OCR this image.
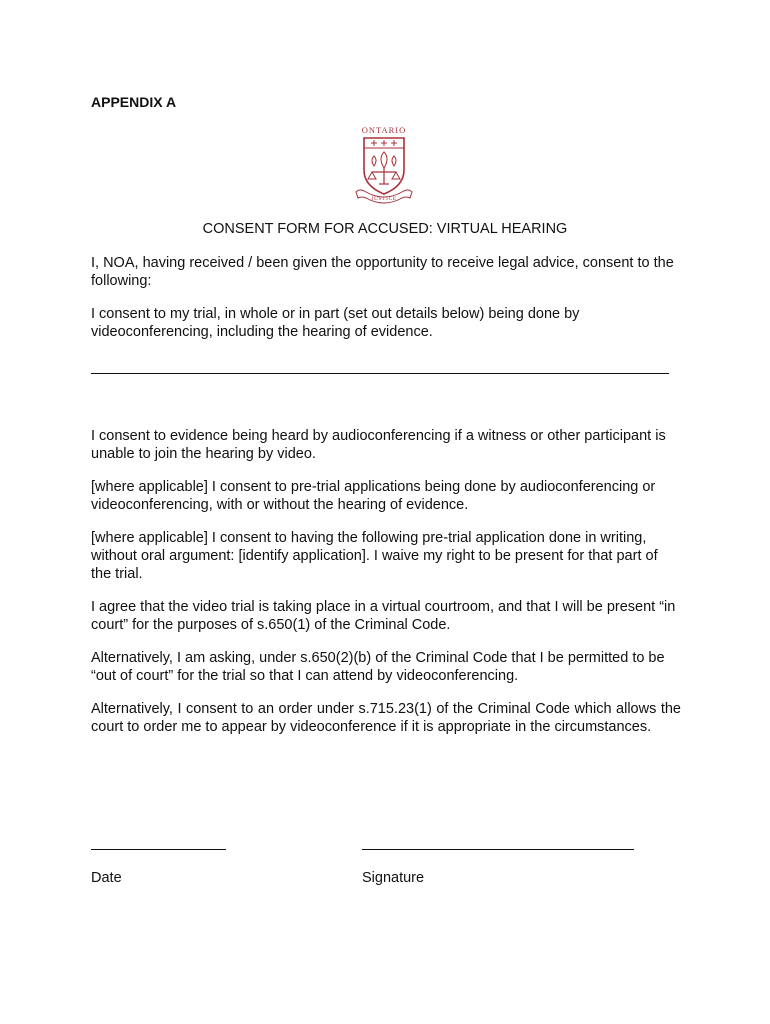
APPENDIX A
ONTARIO
JUSTICE
CONSENT FORM FOR ACCUSED: VIRTUAL HEARING
I, NOA, having received / been given the opportunity to receive legal advice, consent to the following:
I consent to my trial, in whole or in part (set out details below) being done by videoconferencing, including the hearing of evidence.
I consent to evidence being heard by audioconferencing if a witness or other participant is unable to join the hearing by video.
[where applicable] I consent to pre-trial applications being done by audioconferencing or videoconferencing, with or without the hearing of evidence.
[where applicable] I consent to having the following pre-trial application done in writing, without oral argument: [identify application]. I waive my right to be present for that part of the trial.
I agree that the video trial is taking place in a virtual courtroom, and that I will be present “in court” for the purposes of s.650(1) of the Criminal Code.
Alternatively, I am asking, under s.650(2)(b) of the Criminal Code that I be permitted to be “out of court” for the trial so that I can attend by videoconferencing.
Alternatively, I consent to an order under s.715.23(1) of the Criminal Code which allows the court to order me to appear by videoconference if it is appropriate in the circumstances.
Date	Signature
